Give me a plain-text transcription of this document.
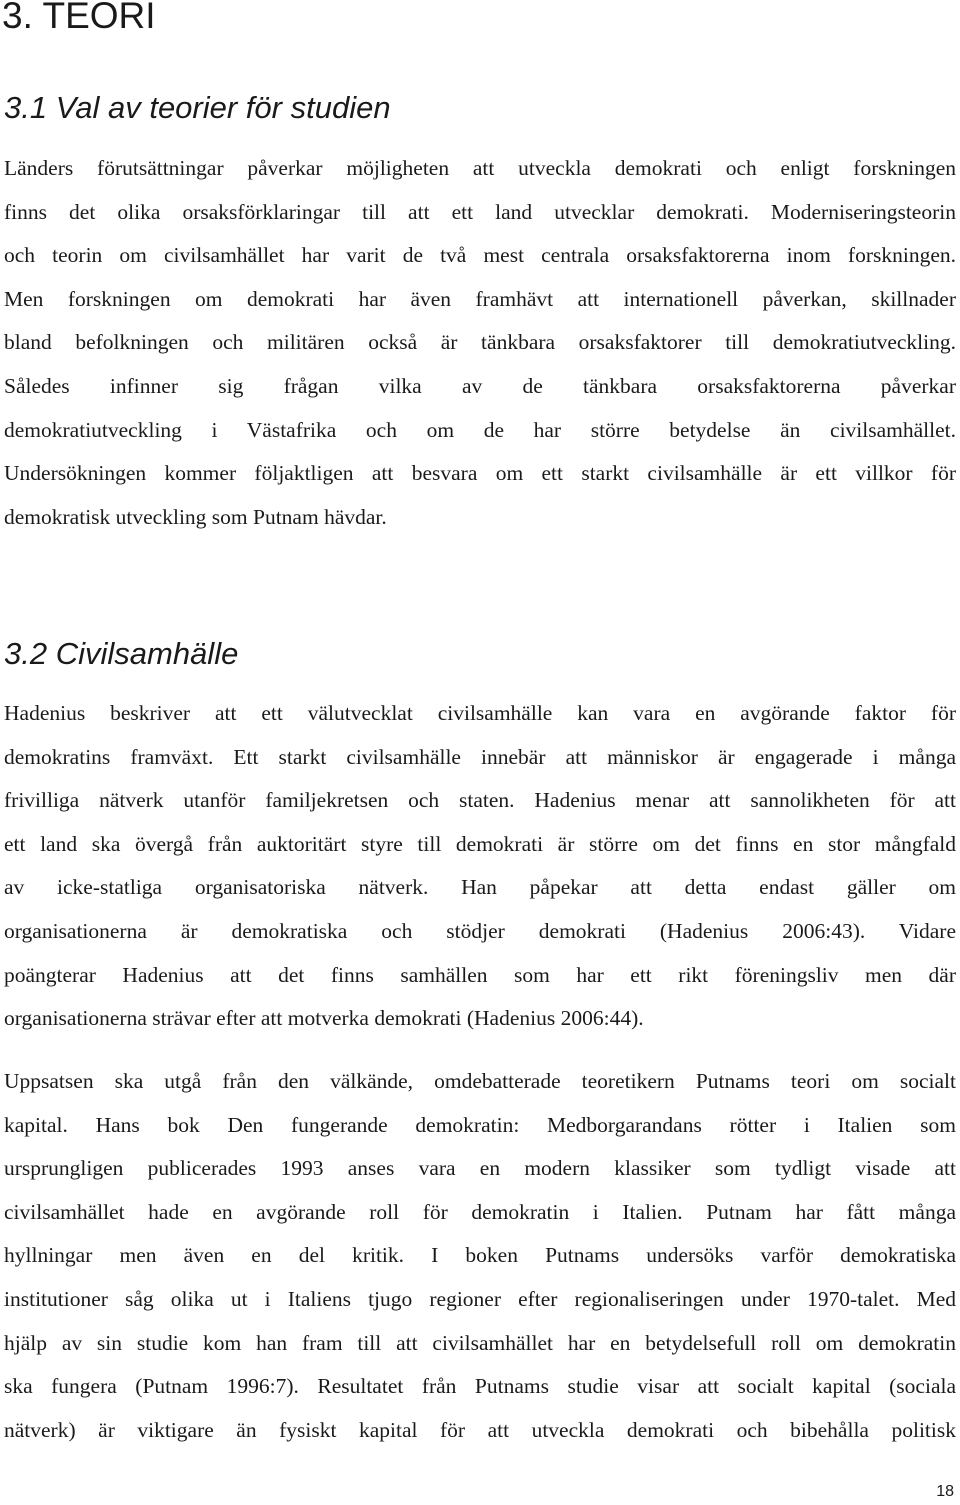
3. TEORI
3.1 Val av teorier för studien
Länders förutsättningar påverkar möjligheten att utveckla demokrati och enligt forskningen
finns det olika orsaksförklaringar till att ett land utvecklar demokrati. Moderniseringsteorin
och teorin om civilsamhället har varit de två mest centrala orsaksfaktorerna inom forskningen.
Men forskningen om demokrati har även framhävt att internationell påverkan, skillnader
bland befolkningen och militären också är tänkbara orsaksfaktorer till demokratiutveckling.
Således infinner sig frågan vilka av de tänkbara orsaksfaktorerna påverkar
demokratiutveckling i Västafrika och om de har större betydelse än civilsamhället.
Undersökningen kommer följaktligen att besvara om ett starkt civilsamhälle är ett villkor för
demokratisk utveckling som Putnam hävdar.
3.2 Civilsamhälle
Hadenius beskriver att ett välutvecklat civilsamhälle kan vara en avgörande faktor för
demokratins framväxt. Ett starkt civilsamhälle innebär att människor är engagerade i många
frivilliga nätverk utanför familjekretsen och staten. Hadenius menar att sannolikheten för att
ett land ska övergå från auktoritärt styre till demokrati är större om det finns en stor mångfald
av icke-statliga organisatoriska nätverk. Han påpekar att detta endast gäller om
organisationerna är demokratiska och stödjer demokrati (Hadenius 2006:43). Vidare
poängterar Hadenius att det finns samhällen som har ett rikt föreningsliv men där
organisationerna strävar efter att motverka demokrati (Hadenius 2006:44).
Uppsatsen ska utgå från den välkände, omdebatterade teoretikern Putnams teori om socialt
kapital. Hans bok Den fungerande demokratin: Medborgarandans rötter i Italien som
ursprungligen publicerades 1993 anses vara en modern klassiker som tydligt visade att
civilsamhället hade en avgörande roll för demokratin i Italien. Putnam har fått många
hyllningar men även en del kritik. I boken Putnams undersöks varför demokratiska
institutioner såg olika ut i Italiens tjugo regioner efter regionaliseringen under 1970-talet. Med
hjälp av sin studie kom han fram till att civilsamhället har en betydelsefull roll om demokratin
ska fungera (Putnam 1996:7). Resultatet från Putnams studie visar att socialt kapital (sociala
nätverk) är viktigare än fysiskt kapital för att utveckla demokrati och bibehålla politisk
18
